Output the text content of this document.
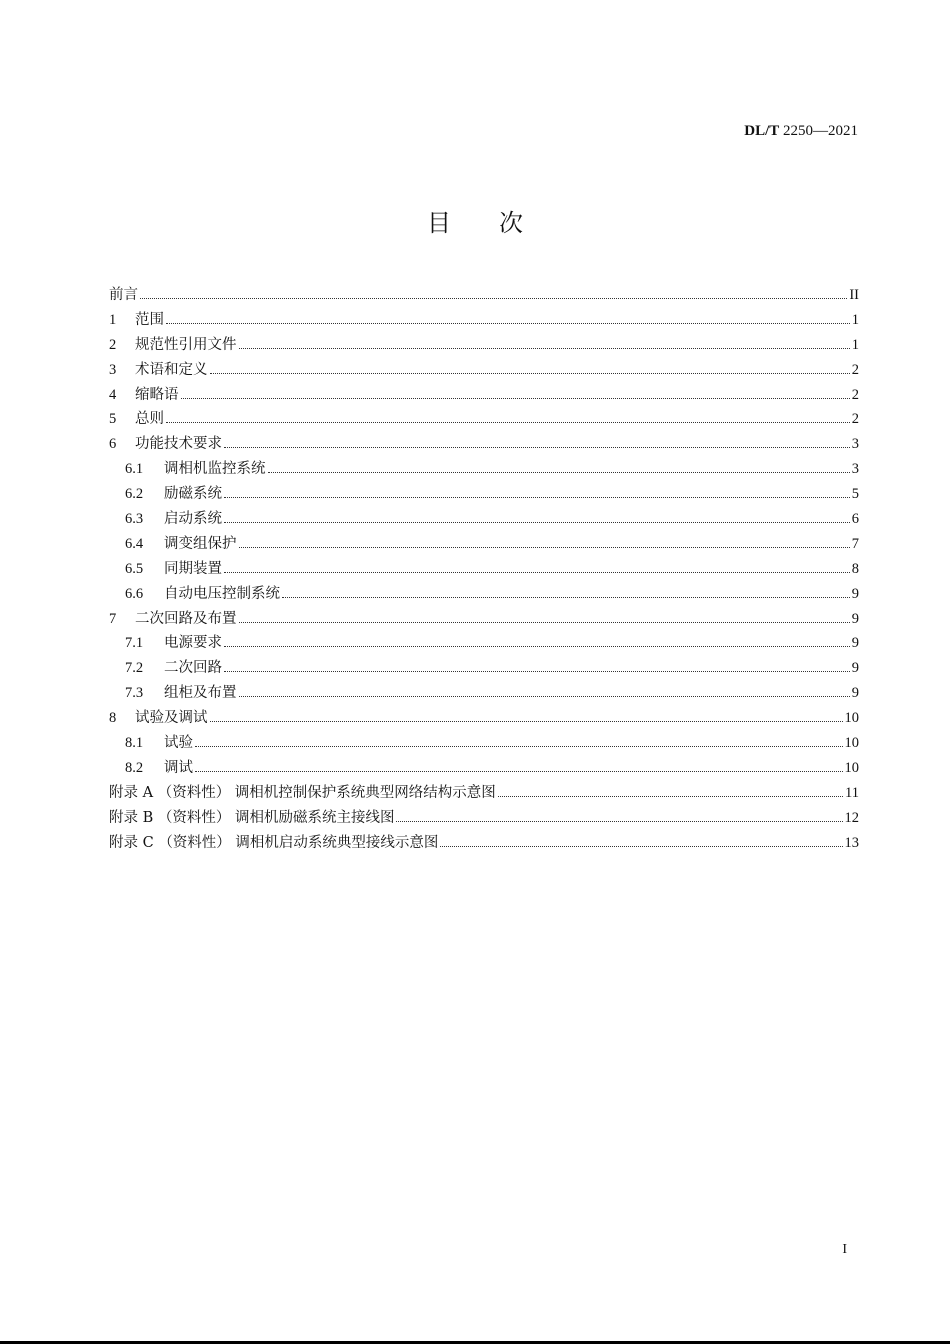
DL/T 2250—2021
目 次
前言	II
1	范围	1
2	规范性引用文件	1
3	术语和定义	2
4	缩略语	2
5	总则	2
6	功能技术要求	3
6.1	调相机监控系统	3
6.2	励磁系统	5
6.3	启动系统	6
6.4	调变组保护	7
6.5	同期装置	8
6.6	自动电压控制系统	9
7	二次回路及布置	9
7.1	电源要求	9
7.2	二次回路	9
7.3	组柜及布置	9
8	试验及调试	10
8.1	试验	10
8.2	调试	10
附录 A （资料性） 调相机控制保护系统典型网络结构示意图	11
附录 B （资料性） 调相机励磁系统主接线图	12
附录 C （资料性） 调相机启动系统典型接线示意图	13
I
